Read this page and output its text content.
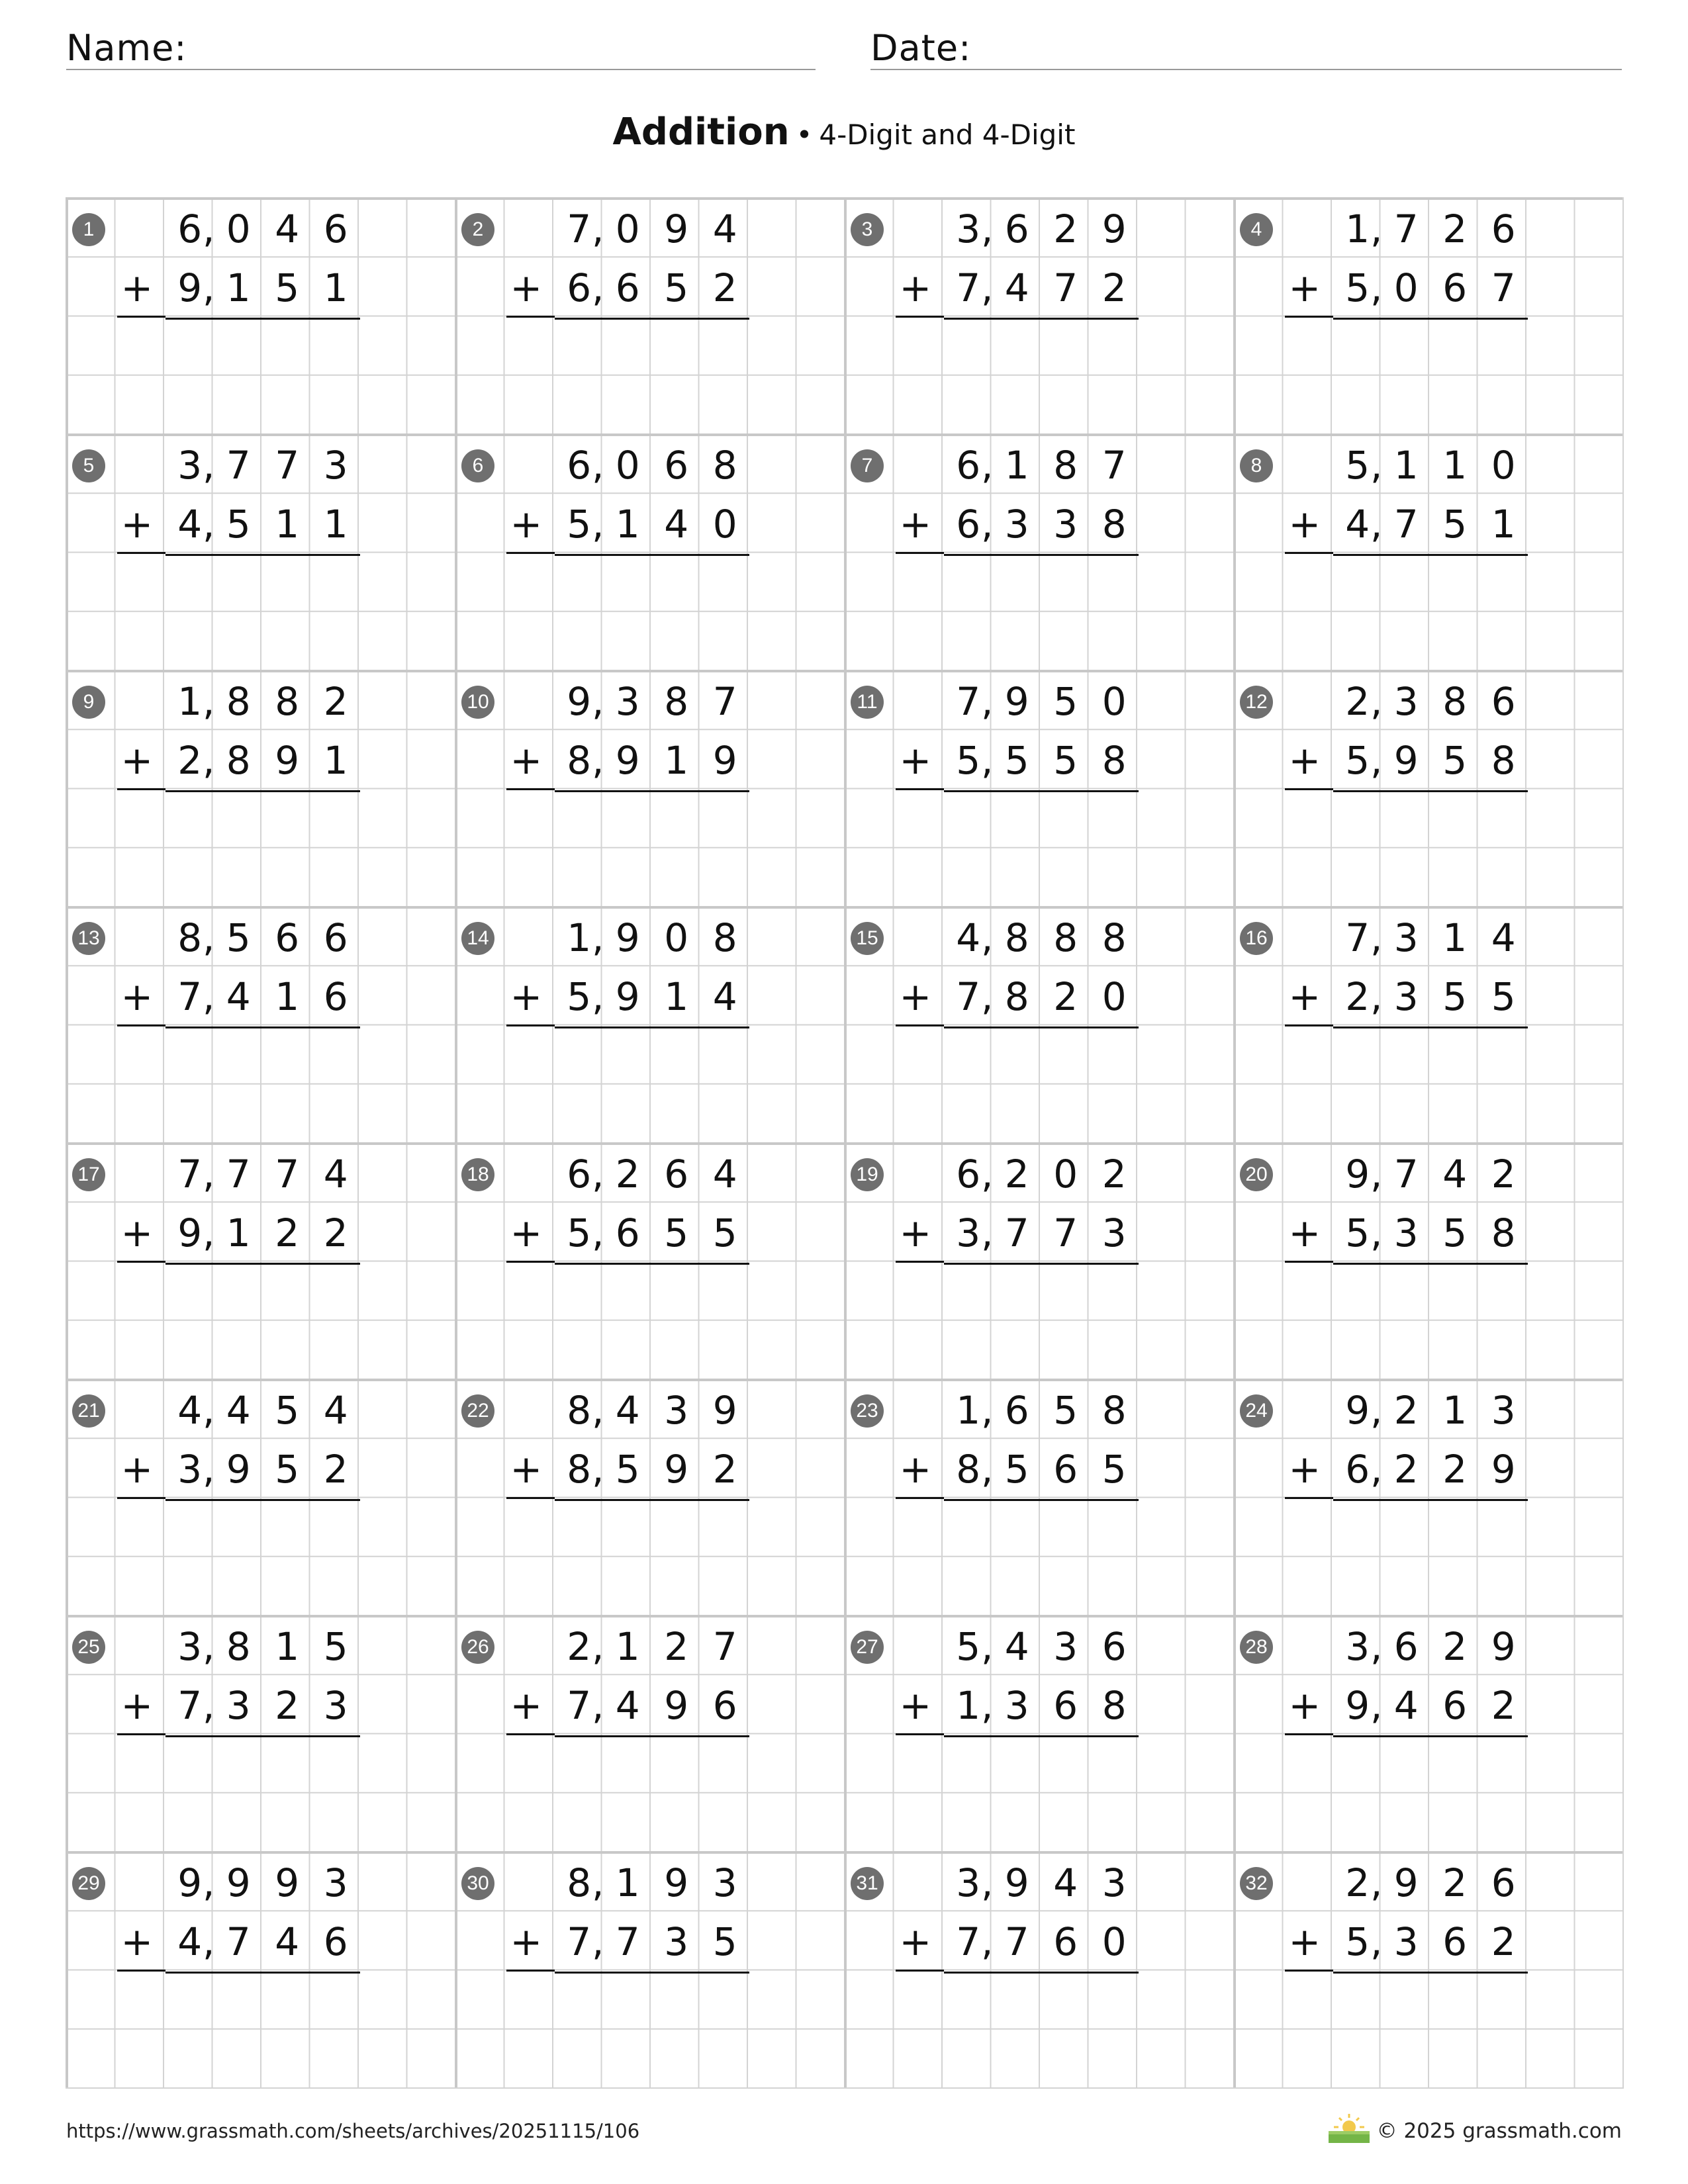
Name:	Date:
Addition • 4-Digit and 4-Digit
1	6 0 4 6
,
9 1 5 1
,
+
2	7 0 9 4
,
6 6 5 2
,
+
3	3 6 2 9
,
7 4 7 2
,
+
4	1 7 2 6
,
5 0 6 7
,
+
5	3 7 7 3
,
4 5 1 1
,
+
6	6 0 6 8
,
5 1 4 0
,
+
7	6 1 8 7
,
6 3 3 8
,
+
8	5 1 1 0
,
4 7 5 1
,
+
9	1 8 8 2
,
2 8 9 1
,
+
10	9 3 8 7
,
8 9 1 9
,
+
11	7 9 5 0
,
5 5 5 8
,
+
12	2 3 8 6
,
5 9 5 8
,
+
13	8 5 6 6
,
7 4 1 6
,
+
14	1 9 0 8
,
5 9 1 4
,
+
15	4 8 8 8
,
7 8 2 0
,
+
16	7 3 1 4
,
2 3 5 5
,
+
17	7 7 7 4
,
9 1 2 2
,
+
18	6 2 6 4
,
5 6 5 5
,
+
19	6 2 0 2
,
3 7 7 3
,
+
20	9 7 4 2
,
5 3 5 8
,
+
21	4 4 5 4
,
3 9 5 2
,
+
22	8 4 3 9
,
8 5 9 2
,
+
23	1 6 5 8
,
8 5 6 5
,
+
24	9 2 1 3
,
6 2 2 9
,
+
25	3 8 1 5
,
7 3 2 3
,
+
26	2 1 2 7
,
7 4 9 6
,
+
27	5 4 3 6
,
1 3 6 8
,
+
28	3 6 2 9
,
9 4 6 2
,
+
29	9 9 9 3
,
4 7 4 6
,
+
30	8 1 9 3
,
7 7 3 5
,
+
31	3 9 4 3
,
7 7 6 0
,
+
32	2 9 2 6
,
5 3 6 2
,
+
https://www.grassmath.com/sheets/archives/20251115/106	© 2025 grassmath.com
